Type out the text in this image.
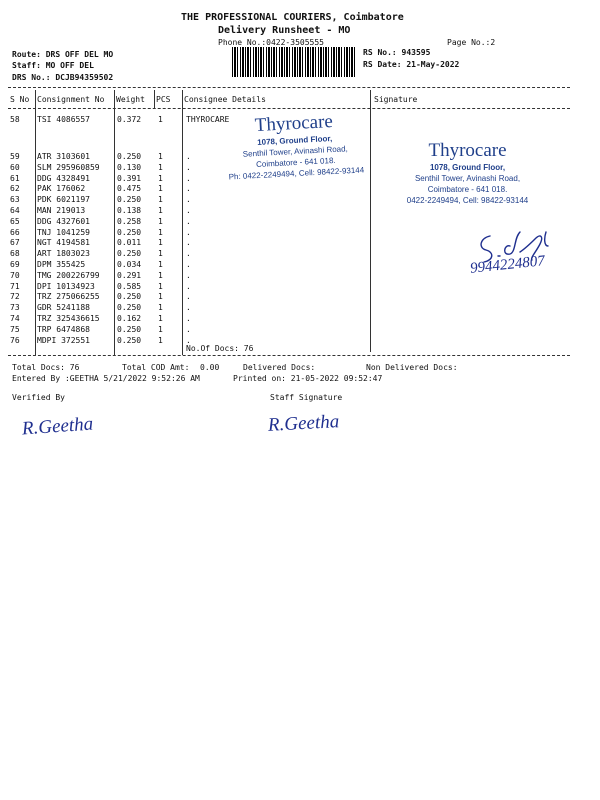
THE PROFESSIONAL COURIERS, Coimbatore
Delivery Runsheet - MO
Phone No.:0422-3505555	Page No.:2
Route: DRS OFF DEL MO
Staff: MO OFF DEL
DRS No.: DCJB94359502
RS No.: 943595
RS Date: 21-May-2022
S No Consignment No Weight PCS Consignee Details	Signature
58 TSI 4086557	0.372 1	THYROCARE
59 ATR 3103601	0.250 1	.
60 SLM 295960859 0.130 1	.
61 DDG 4328491	0.391 1	.
62 PAK 176062	0.475 1	.
63 PDK 6021197	0.250 1	.
64 MAN 219013	0.138 1	.
65 DDG 4327601	0.258 1	.
66 TNJ 1041259	0.250 1	.
67 NGT 4194581	0.011 1	.
68 ART 1803023	0.250 1	.
69 DPM 355425	0.034 1	.
70 TMG 200226799 0.291 1	.
71 DPI 10134923	0.585 1	.
72 TRZ 275066255 0.250 1	.
73 GDR 5241188	0.250 1	.
74 TRZ 325436615 0.162 1	.
75 TRP 6474868	0.250 1	.
76 MDPI 372551	0.250 1	.
No.Of Docs: 76
Thyrocare
1078, Ground Floor,
Senthil Tower, Avinashi Road,
Coimbatore - 641 018.
Ph: 0422-2249494, Cell: 98422-93144
Thyrocare
1078, Ground Floor,
Senthil Tower, Avinashi Road,
Coimbatore - 641 018.
0422-2249494, Cell: 98422-93144
9944224807
Total Docs: 76	Total COD Amt: 0.00	Delivered Docs:	Non Delivered Docs:
Entered By :GEETHA 5/21/2022 9:52:26 AM	Printed on: 21-05-2022 09:52:47
Verified By	Staff Signature
R.Geetha	R.Geetha
